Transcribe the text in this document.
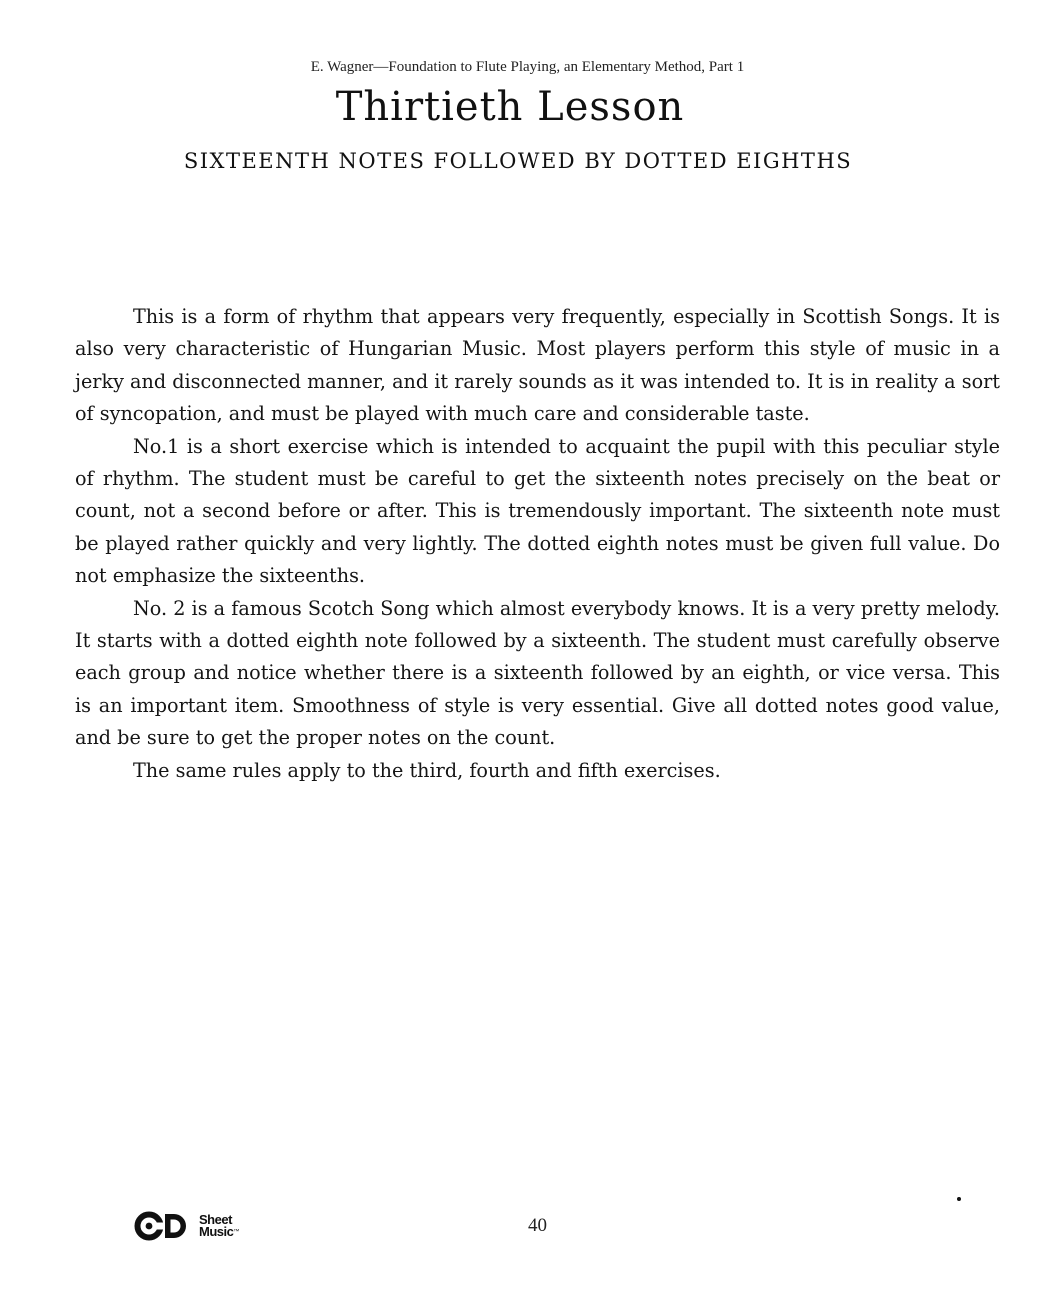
E. Wagner—Foundation to Flute Playing, an Elementary Method, Part 1
Thirtieth Lesson
SIXTEENTH NOTES FOLLOWED BY DOTTED EIGHTHS

This is a form of rhythm that appears very frequently, especially in Scottish Songs. It is also very characteristic of Hungarian Music. Most players perform this style of music in a jerky and disconnected manner, and it rarely sounds as it was intended to. It is in reality a sort of syncopation, and must be played with much care and considerable taste.

No.1 is a short exercise which is intended to acquaint the pupil with this peculiar style of rhythm. The student must be careful to get the sixteenth notes precisely on the beat or count, not a second before or after. This is tremendously important. The sixteenth note must be played rather quickly and very lightly. The dotted eighth notes must be given full value. Do not emphasize the sixteenths.

No. 2 is a famous Scotch Song which almost everybody knows. It is a very pretty melody. It starts with a dotted eighth note followed by a sixteenth. The student must carefully observe each group and notice whether there is a sixteenth followed by an eighth, or vice versa. This is an important item. Smoothness of style is very essential. Give all dotted notes good value, and be sure to get the proper notes on the count.

The same rules apply to the third, fourth and fifth exercises.

Sheet
Music™	40
